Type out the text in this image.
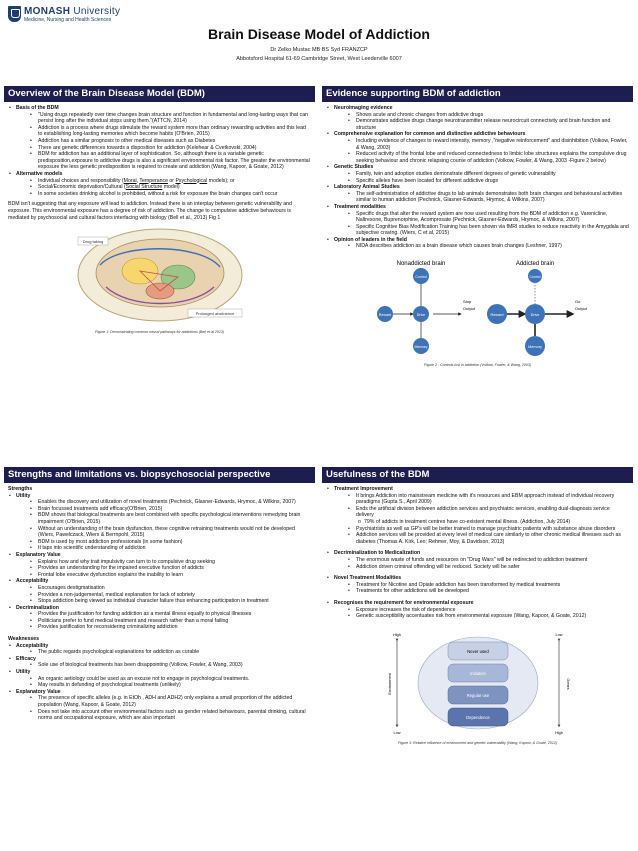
MONASH University
Medicine, Nursing and Health Sciences
Brain Disease Model of Addiction
Dr Zelko Mustac MB BS Syd FRANZCP
Abbotsford Hospital 61-69 Cambridge Street, West Leederville 6007
Overview of the Brain Disease Model (BDM)
• Basis of the BDM
• "Using drugs repeatedly over time changes brain structure and function in fundamental and long-lasting ways that can persist long after the individual stops using them."(ATTCN, 2014)
• Addiction is a process where drugs stimulate the reward system more than ordinary rewarding activities and this lead to establishing long-lasting memories which become habits (O'Brien, 2015)
• Addiction has a similar prognosis to other medical diseases such as Diabetes
• There are genetic differences towards a disposition for addiction (Kelehear & Cvetkovski, 2004)
• BDM for addiction has an additional layer of sophistication. So, although there is a variable genetic predisposition,exposure to addictive drugs is also a significant environmental risk factor. The greater the environmental exposure the less genetic predisposition is required to create and addiction (Wang, Kapoor, & Goate, 2012)
• Alternative models
• Individual choices and responsibility (Moral, Temperance or Psychological models); or
• Social/Economic deprivation/Cultural (Social Structure model)
• In some societies drinking alcohol is prohibited, without a risk for exposure the brain changes can't occur
BDM isn't suggesting that any exposure will lead to addiction. Instead there is an interplay between genetic vulnerability and exposure. This environmental exposure has a degree of risk of addiction. The change to compulsive addictive behaviours is mediated by psychosocial and cultural factors interfacing with biology (Bell et al., 2013) Fig 1
Drug taking
Prolonged abstinence
Figure 1: Demonstrating common neural pathways for addictions (Bell et al 2013)
Evidence supporting BDM of addiction
• Neuroimaging evidence
• Shows acute and chronic changes from addictive drugs
• Demonstrates addictive drugs change neurotransmitter release neurocircuit connectivity and brain function and structure
• Comprehensive explanation for common and distinctive addictive behaviours
• Including evidence of changes to reward intensity, memory ,"negative reinforcement" and disinhibition (Volkow, Fowler, & Wang, 2003)
• Reduced activity of the frontal lobe and reduced connectedness to limbic lobe structures explains the compulsive drug seeking behaviour and chronic relapsing course of addiction (Volkow, Fowler, & Wang, 2003 -Figure 2 below)
• Genetic Studies
• Family, twin and adoption studies demonstrate different degrees of genetic vulnerability
• Specific alleles have been located for different addictive drugs
• Laboratory Animal Studies
• The self-administration of addictive drugs to lab animals demonstrates both brain changes and behavioural activities similar to human addiction (Pechnick, Glasner-Edwards, Hrymoc, & Wilkins, 2007)
• Treatment modalities
• Specific drugs that alter the reward system are now used resulting from the BDM of addiction e.g. Varenicline, Naltrexone, Buprenorphine, Acomprosate (Pechnick, Glasner-Edwards, Hrymoc, & Wilkins, 2007)
• Specific Cognitive Bias Modification Training has been shown via fMRI studies to reduce reactivity in the Amygdala and subjective craving. (Wiers, C et al, 2015)
• Opinion of leaders in the field
• NIDA describes addiction as a brain disease which causes brain changes (Leshner, 1997)
Nonaddicted brain	Addicted brain
Control
Reward	Drive
Memory
Stop
Output
Control
Reward	Drive
Memory
Go
Output
Figure 2 : Controls lost in addiction (Volkow, Fowler, & Wang, 2003)
Strengths and limitations vs. biopsychosocial perspective
Strengths
• Utility
• Enables the discovery and utilization of novel treatments (Pechnick, Glasner-Edwards, Hrymoc, & Wilkins, 2007)
• Brain focussed treatments add efficacy(O'Brien, 2015)
• BDM shows that biological treatments are best combined with specific psychological interventions remedying brain impairment (O'Brien, 2015)
• Without an understanding of the brain dysfunction, these cognitive retraining treatments would not be developed (Wiers, Pawelczack, Wiers & Berrnpohl, 2015)
• BDM is used by most addiction professionals (in some fashion)
• It taps into scientific understanding of addiction
• Explanatory Value
• Explains how and why trait impulsivity can turn to to compulsive drug seeking
• Provides an understanding for the impaired executive function of addicts
• Frontal lobe executive dysfunction explains the inability to learn
• Acceptability
• Encourages destigmatisation
• Provides a non-judgemental, medical explanation for lack of sobriety
• Stops addiction being viewed as individual character failure thus enhancing participation in treatment
• Decriminalization
• Provides the justification for funding addiction as a mental illness equally to physical illnesses
• Politicians prefer to fund medical treatment and research rather than a moral failing
• Provides justification for reconsidering criminalizing addiction
Weaknesses
• Acceptability
• The public regards psychological explanations for addiction as curable
• Efficacy
• Sole use of biological treatments has been disappointing (Volkow, Fowler, & Wang, 2003)
• Utility
• An organic aetiology could be used as an excuse not to engage in psychological treatments.
• May results in defunding of psychological treatments (unlikely)
• Explanatory Value
• The presence of specific alleles (e.g. in EtOh , ADH and ADH2) only explains a small proportion of the addicted population (Wang, Kapoor, & Goate, 2012)
• Does not take into account other environmental factors such as gender related behaviours, parental drinking, cultural norms and occupational exposure, which are also important
Usefulness of the BDM
• Treatment Improvement
• It brings Addiction into mainstream medicine with it's resources and EBM approach instead of individual recovery paradigms (Gupta S., April 2009)
• Ends the artificial division between addiction services and psychiatric services, enabling dual-diagnosis service delivery
o 79% of addicts in treatment centres have co-existent mental illness. (Addiction, July 2014)
• Psychiatrists as well as GP's will be better trained to manage psychiatric patients with substance abuse disorders
• Addiction services will be provided at every level of medical care similarly to other chronic medical illnesses such as diabetes (Thomas A. Kirk, Leo; Rehmer, Moy, & Davidson, 2013)
• Decriminalization to Medicalization
• The enormous waste of funds and resources on "Drug Wars" will be redirected to addiction treatment
• Addiction driven criminal offending will be reduced. Society will be safer
• Novel Treatment Modalities
• Treatment for Nicotine and Opiate addiction has been transformed by medical treatments
• Treatments for other addictions will be developed
• Recognises the requirement for environmental exposure
• Exposure increases the risk of dependence
• Genetic susceptibility accentuates risk from environmental exposure (Wang, Kapoor, & Goate, 2012)
High
Low
Low
High
Environment	Genes
Never used
Initiation
Regular use
Dependence
Figure 3: Relative influence of environment and genetic vulnerability (Wang, Kapoor, & Goate, 2012)
